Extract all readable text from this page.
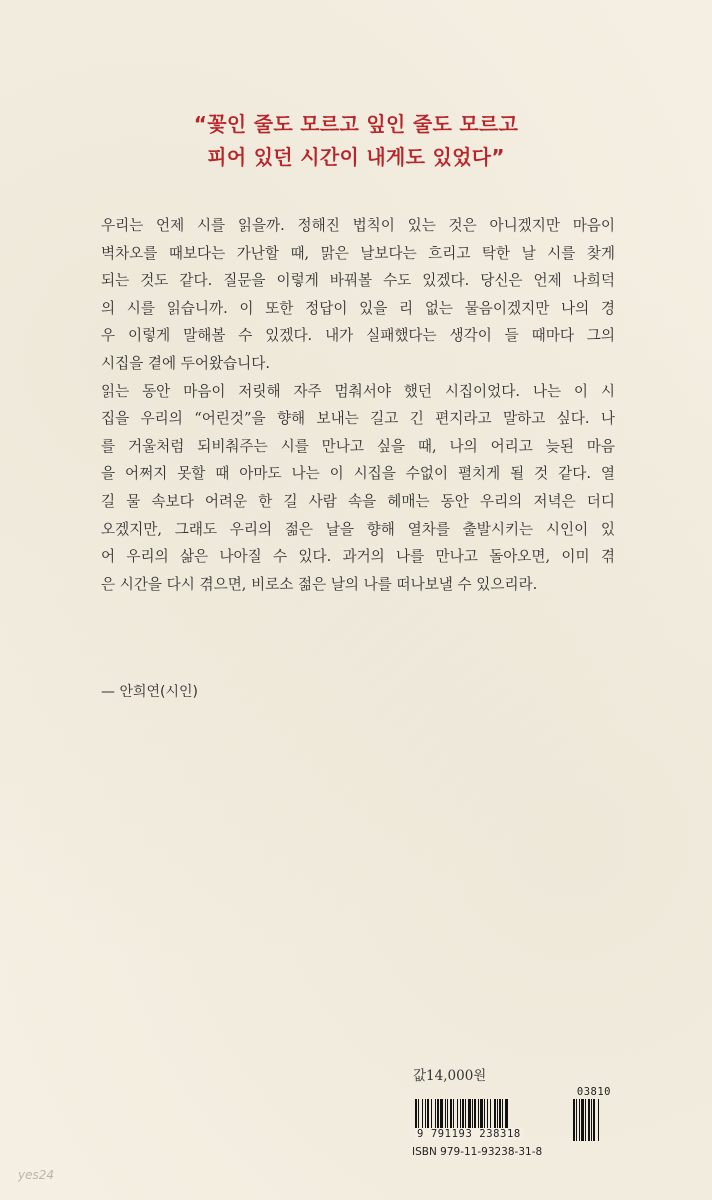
“꽃인 줄도 모르고 잎인 줄도 모르고
피어 있던 시간이 내게도 있었다”
우리는 언제 시를 읽을까. 정해진 법칙이 있는 것은 아니겠지만 마음이
벽차오를 때보다는 가난할 때, 맑은 날보다는 흐리고 탁한 날 시를 찾게
되는 것도 같다. 질문을 이렇게 바꿔볼 수도 있겠다. 당신은 언제 나희덕
의 시를 읽습니까. 이 또한 정답이 있을 리 없는 물음이겠지만 나의 경
우 이렇게 말해볼 수 있겠다. 내가 실패했다는 생각이 들 때마다 그의
시집을 곁에 두어왔습니다.
읽는 동안 마음이 저릿해 자주 멈춰서야 했던 시집이었다. 나는 이 시
집을 우리의 “어린것”을 향해 보내는 길고 긴 편지라고 말하고 싶다. 나
를 거울처럼 되비춰주는 시를 만나고 싶을 때, 나의 어리고 늦된 마음
을 어쩌지 못할 때 아마도 나는 이 시집을 수없이 펼치게 될 것 같다. 열
길 물 속보다 어려운 한 길 사람 속을 헤매는 동안 우리의 저녁은 더디
오겠지만, 그래도 우리의 젊은 날을 향해 열차를 출발시키는 시인이 있
어 우리의 삶은 나아질 수 있다. 과거의 나를 만나고 돌아오면, 이미 겪
은 시간을 다시 겪으면, 비로소 젊은 날의 나를 떠나보낼 수 있으리라.
— 안희연(시인)
값14,000원
03810
9 791193 238318
ISBN 979-11-93238-31-8
yes24
